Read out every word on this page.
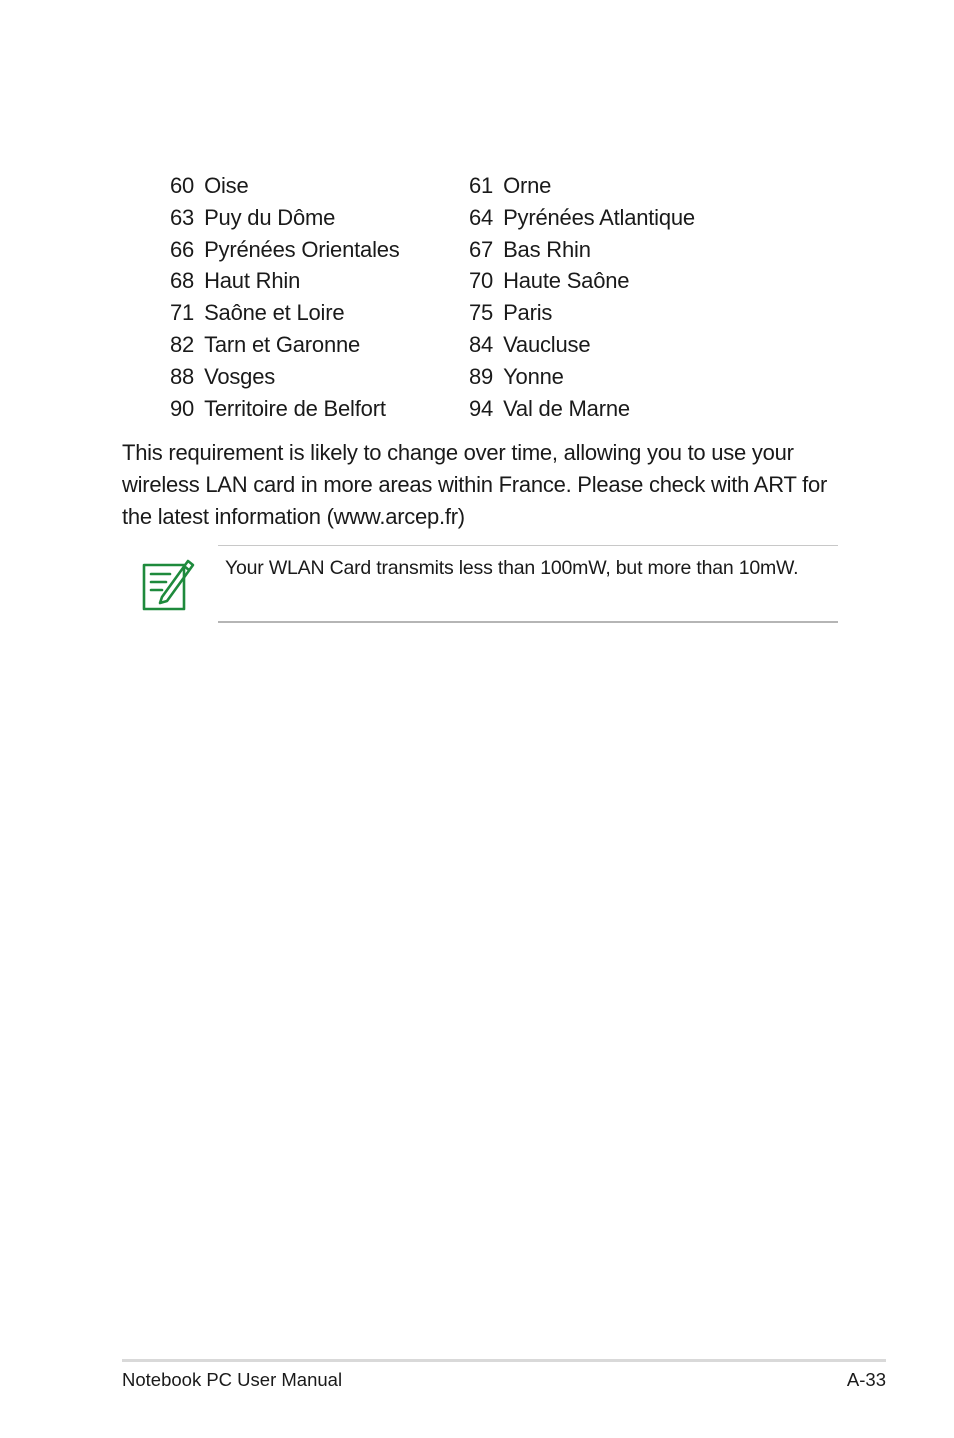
60 Oise	61 Orne
63 Puy du Dôme	64 Pyrénées Atlantique
66 Pyrénées Orientales	67 Bas Rhin
68 Haut Rhin	70 Haute Saône
71 Saône et Loire	75 Paris
82 Tarn et Garonne	84 Vaucluse
88 Vosges	89 Yonne
90 Territoire de Belfort	94 Val de Marne

This requirement is likely to change over time, allowing you to use your wireless LAN card in more areas within France. Please check with ART for the latest information (www.arcep.fr)

Your WLAN Card transmits less than 100mW, but more than 10mW.
Notebook PC User Manual	A-33
